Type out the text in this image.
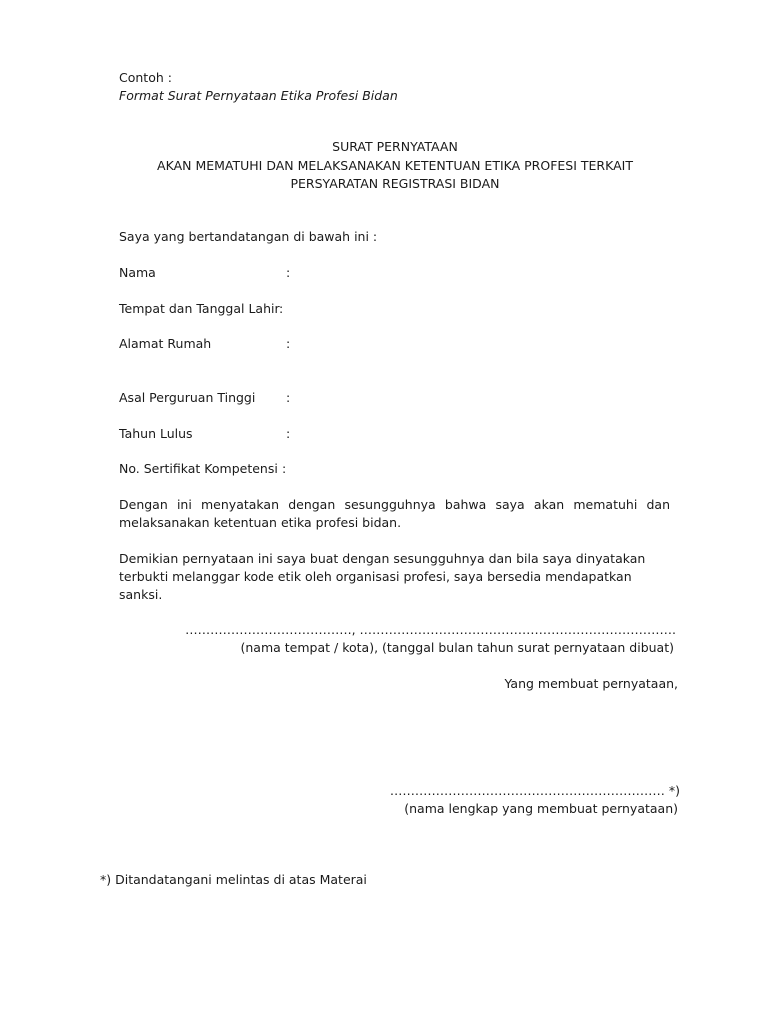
Contoh :
Format Surat Pernyataan Etika Profesi Bidan
SURAT PERNYATAAN
AKAN MEMATUHI DAN MELAKSANAKAN KETENTUAN ETIKA PROFESI TERKAIT
PERSYARATAN REGISTRASI BIDAN
Saya yang bertandatangan di bawah ini :
Nama	:
Tempat dan Tanggal Lahir :
Alamat Rumah	:
Asal Perguruan Tinggi :
Tahun Lulus	:
No. Sertifikat Kompetensi :
Dengan ini menyatakan dengan sesungguhnya bahwa saya akan mematuhi dan melaksanakan ketentuan etika profesi bidan.
Demikian pernyataan ini saya buat dengan sesungguhnya dan bila saya dinyatakan terbukti melanggar kode etik oleh organisasi profesi, saya bersedia mendapatkan sanksi.
…………………………………., ………………………………………………………………….
(nama tempat / kota), (tanggal bulan tahun surat pernyataan dibuat)
Yang membuat pernyataan,
………………………………………………………… *)
(nama lengkap yang membuat pernyataan)
*) Ditandatangani melintas di atas Materai
